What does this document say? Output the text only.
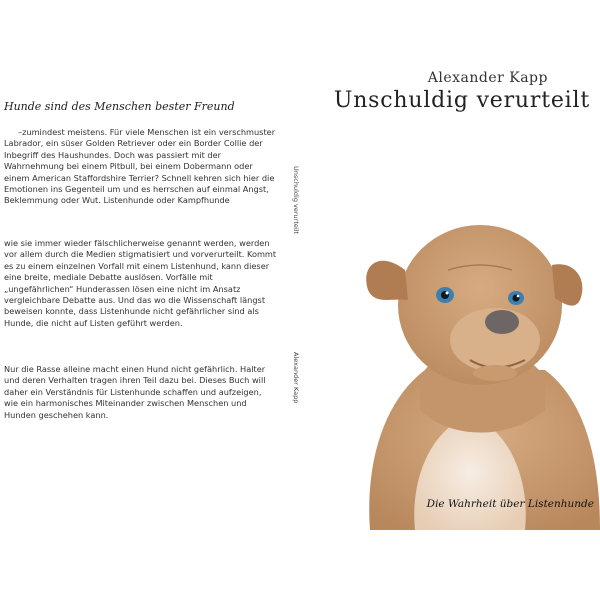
Hunde sind des Menschen bester Freund

–zumindest meistens. Für viele Menschen ist ein verschmuster Labrador, ein süser Golden Retriever oder ein Border Collie der Inbegriff des Haushundes. Doch was passiert mit der Wahrnehmung bei einem Pitbull, bei einem Dobermann oder einem American Staffordshire Terrier? Schnell kehren sich hier die Emotionen ins Gegenteil um und es herrschen auf einmal Angst, Beklemmung oder Wut. Listenhunde oder Kampfhunde

wie sie immer wieder fälschlicherweise genannt werden, werden vor allem durch die Medien stigmatisiert und vorverurteilt. Kommt es zu einem einzelnen Vorfall mit einem Listenhund, kann dieser eine breite, mediale Debatte auslösen. Vorfälle mit „ungefährlichen“ Hunderassen lösen eine nicht im Ansatz vergleichbare Debatte aus. Und das wo die Wissenschaft längst beweisen konnte, dass Listenhunde nicht gefährlicher sind als Hunde, die nicht auf Listen geführt werden.

Nur die Rasse alleine macht einen Hund nicht gefährlich. Halter und deren Verhalten tragen ihren Teil dazu bei. Dieses Buch will daher ein Verständnis für Listenhunde schaffen und aufzeigen, wie ein harmonisches Miteinander zwischen Menschen und Hunden geschehen kann.

Unschuldig verurteilt
Alexander Kapp
Alexander Kapp
Unschuldig verurteilt
Die Wahrheit über Listenhunde
